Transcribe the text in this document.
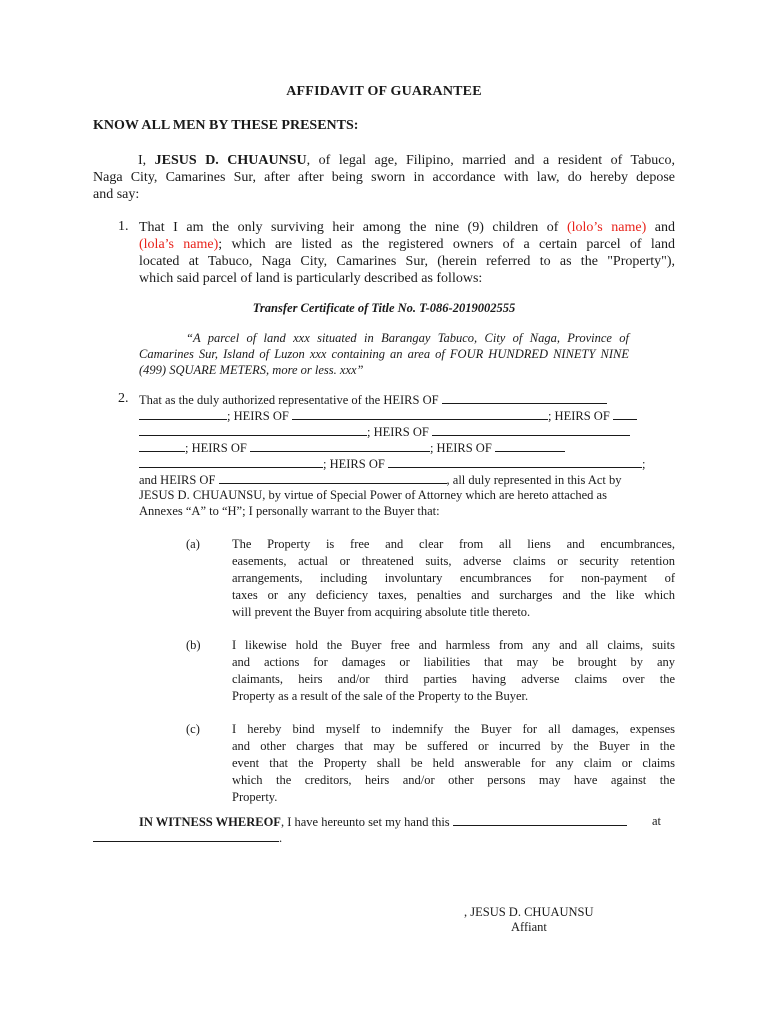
AFFIDAVIT OF GUARANTEE
KNOW ALL MEN BY THESE PRESENTS:
I, JESUS D. CHUAUNSU, of legal age, Filipino, married and a resident of Tabuco,
Naga City, Camarines Sur, after after being sworn in accordance with law, do hereby depose
and say:
1. That I am the only surviving heir among the nine (9) children of (lolo’s name) and
(lola’s name); which are listed as the registered owners of a certain parcel of land
located at Tabuco, Naga City, Camarines Sur, (herein referred to as the "Property"),
which said parcel of land is particularly described as follows:
Transfer Certificate of Title No. T-086-2019002555
“A parcel of land xxx situated in Barangay Tabuco, City of Naga, Province of
Camarines Sur, Island of Luzon xxx containing an area of FOUR HUNDRED NINETY NINE
(499) SQUARE METERS, more or less. xxx”
2. That as the duly authorized representative of the HEIRS OF
; HEIRS OF	; HEIRS OF
; HEIRS OF
; HEIRS OF	; HEIRS OF
; HEIRS OF	;
and HEIRS OF	, all duly represented in this Act by
JESUS D. CHUAUNSU, by virtue of Special Power of Attorney which are hereto attached as
Annexes “A” to “H”; I personally warrant to the Buyer that:
(a)	The Property is free and clear from all liens and encumbrances,
easements, actual or threatened suits, adverse claims or security retention
arrangements, including involuntary encumbrances for non-payment of
taxes or any deficiency taxes, penalties and surcharges and the like which
will prevent the Buyer from acquiring absolute title thereto.
(b)	I likewise hold the Buyer free and harmless from any and all claims, suits
and actions for damages or liabilities that may be brought by any
claimants, heirs and/or third parties having adverse claims over the
Property as a result of the sale of the Property to the Buyer.
(c)	I hereby bind myself to indemnify the Buyer for all damages, expenses
and other charges that may be suffered or incurred by the Buyer in the
event that the Property shall be held answerable for any claim or claims
which the creditors, heirs and/or other persons may have against the
Property.
IN WITNESS WHEREOF, I have hereunto set my hand this	at
.
, JESUS D. CHUAUNSU
Affiant
